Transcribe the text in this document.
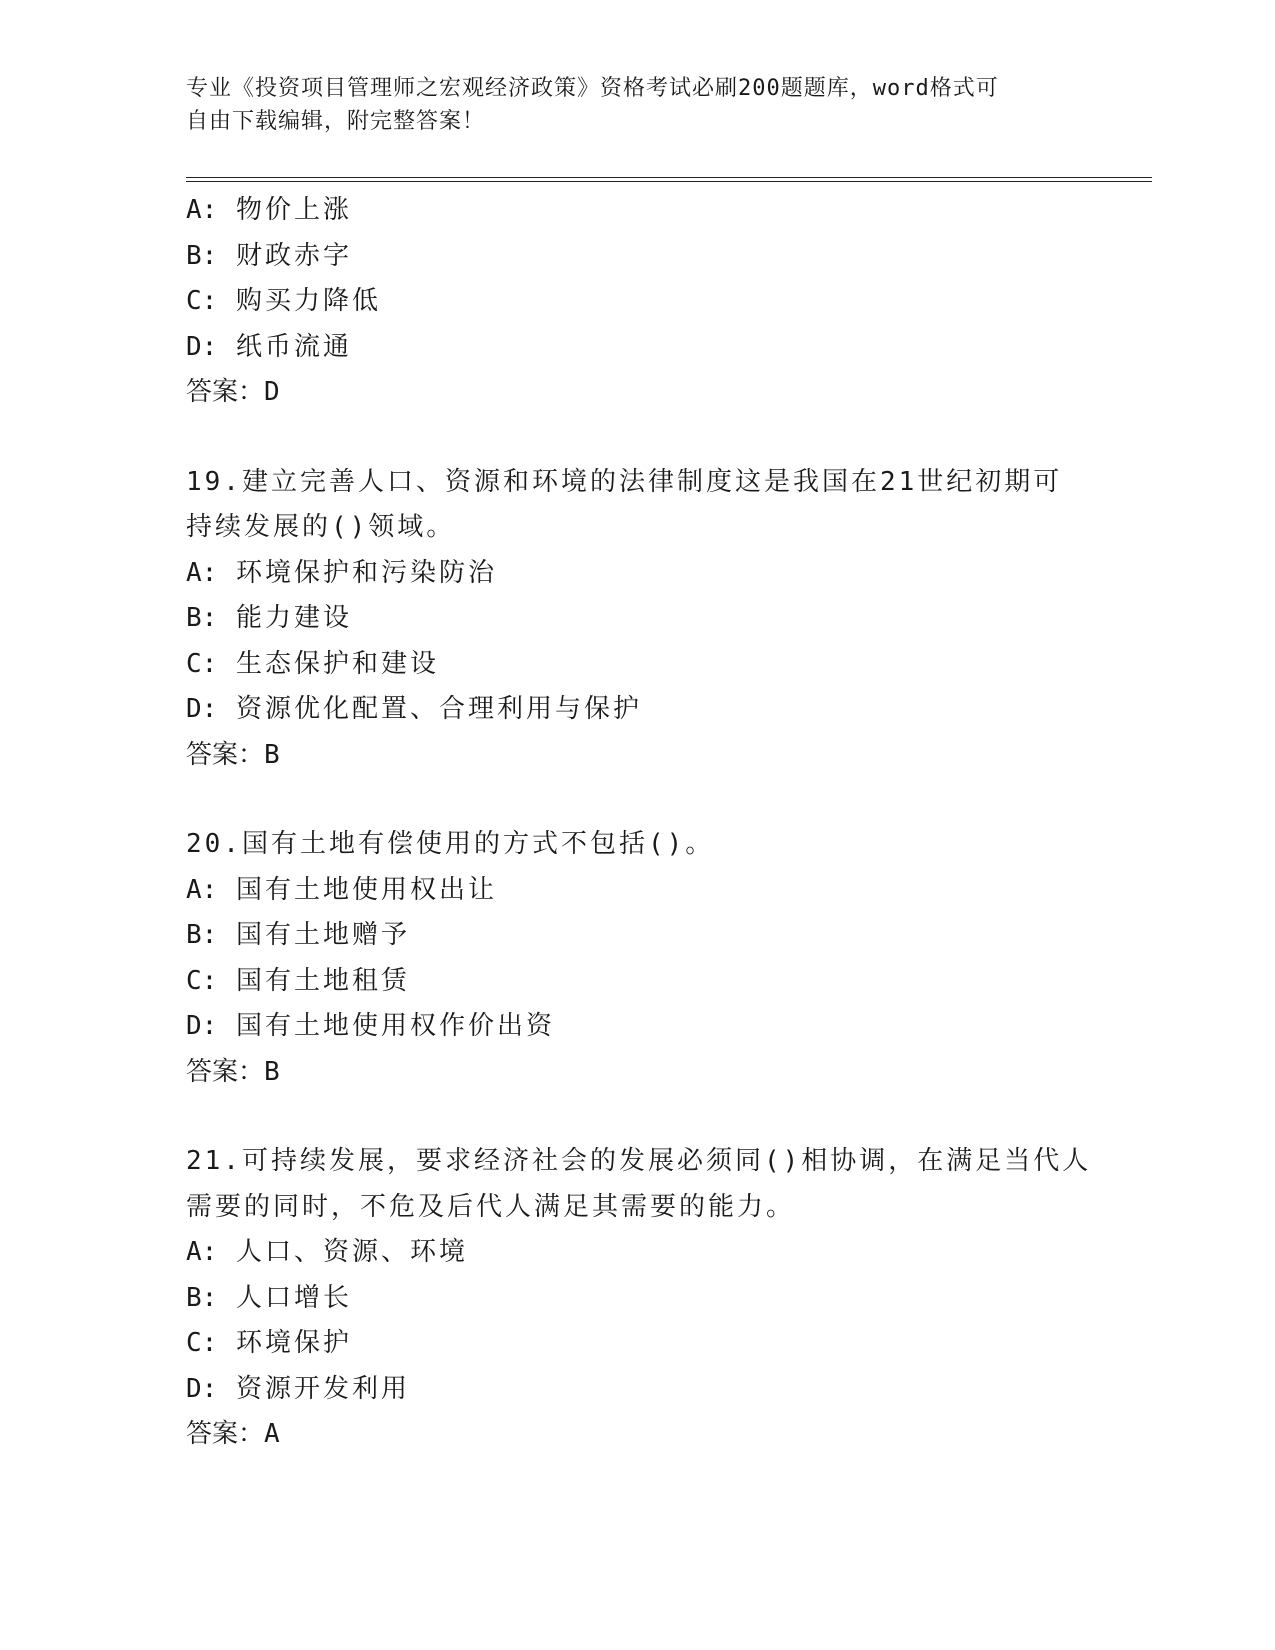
专业《投资项目管理师之宏观经济政策》资格考试必刷200题题库，word格式可
自由下载编辑，附完整答案！
A: 物价上涨
B: 财政赤字
C: 购买力降低
D: 纸币流通
答案：D
19.建立完善人口、资源和环境的法律制度这是我国在21世纪初期可
持续发展的()领域。
A: 环境保护和污染防治
B: 能力建设
C: 生态保护和建设
D: 资源优化配置、合理利用与保护
答案：B
20.国有土地有偿使用的方式不包括()。
A: 国有土地使用权出让
B: 国有土地赠予
C: 国有土地租赁
D: 国有土地使用权作价出资
答案：B
21.可持续发展，要求经济社会的发展必须同()相协调，在满足当代人
需要的同时，不危及后代人满足其需要的能力。
A: 人口、资源、环境
B: 人口增长
C: 环境保护
D: 资源开发利用
答案：A
